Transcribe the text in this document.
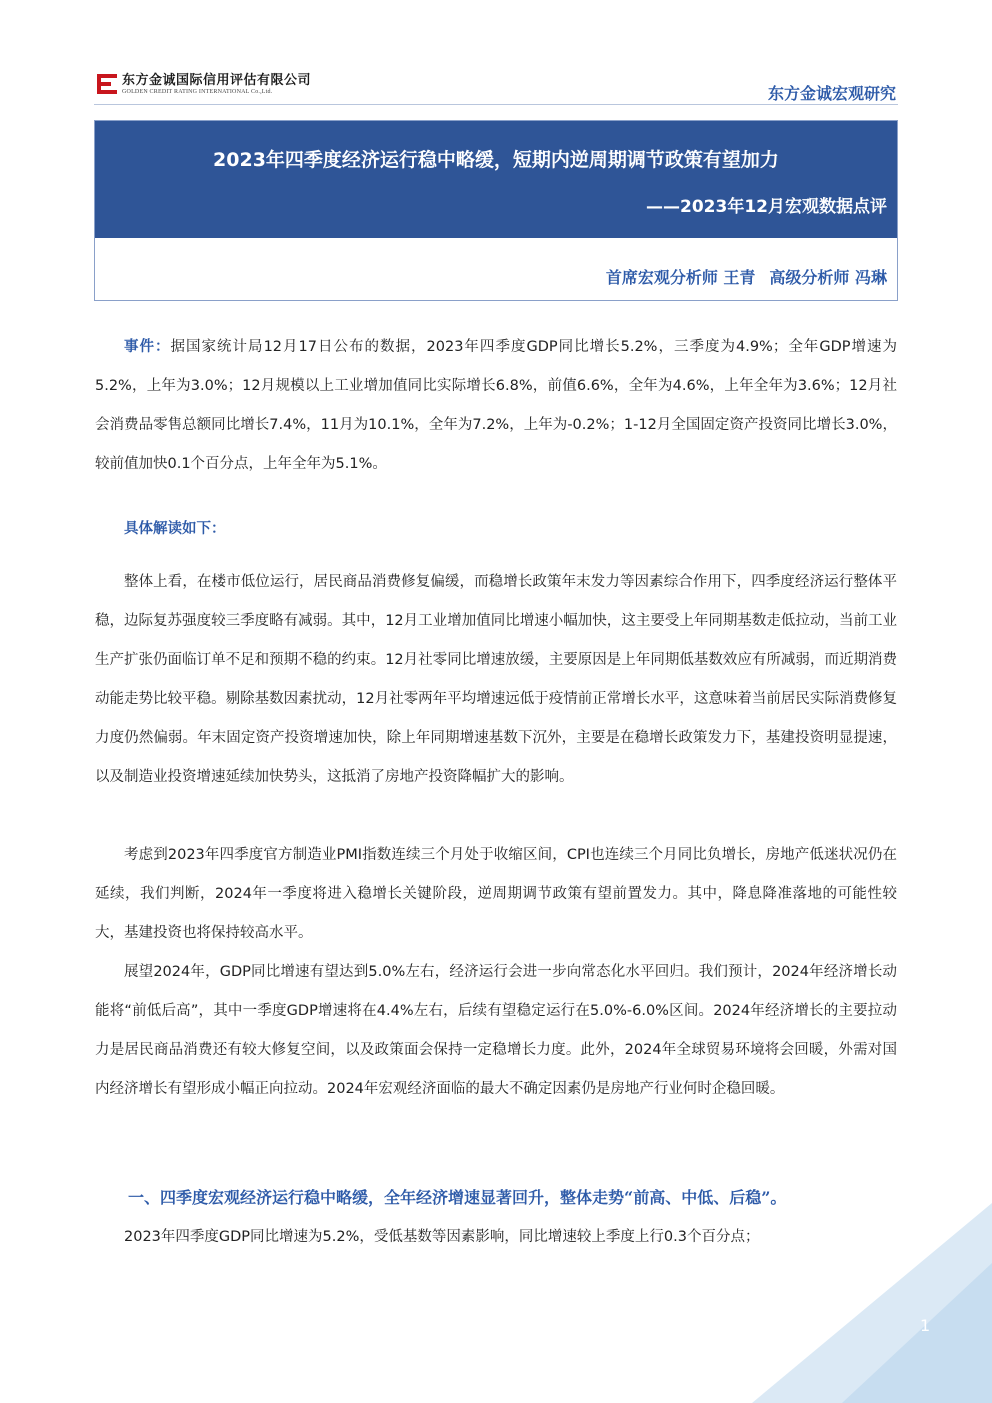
东方金诚国际信用评估有限公司
GOLDEN CREDIT RATING INTERNATIONAL Co.,Ltd.	东方金诚宏观研究
2023年四季度经济运行稳中略缓，短期内逆周期调节政策有望加力
——2023年12月宏观数据点评
首席宏观分析师 王青 高级分析师 冯琳
事件：据国家统计局12月17日公布的数据，2023年四季度GDP同比增长5.2%，三季度为4.9%；全年GDP增速为5.2%，上年为3.0%；12月规模以上工业增加值同比实际增长6.8%，前值6.6%，全年为4.6%，上年全年为3.6%；12月社会消费品零售总额同比增长7.4%，11月为10.1%，全年为7.2%，上年为-0.2%；1-12月全国固定资产投资同比增长3.0%，较前值加快0.1个百分点，上年全年为5.1%。
具体解读如下：
整体上看，在楼市低位运行，居民商品消费修复偏缓，而稳增长政策年末发力等因素综合作用下，四季度经济运行整体平稳，边际复苏强度较三季度略有减弱。其中，12月工业增加值同比增速小幅加快，这主要受上年同期基数走低拉动，当前工业生产扩张仍面临订单不足和预期不稳的约束。12月社零同比增速放缓，主要原因是上年同期低基数效应有所减弱，而近期消费动能走势比较平稳。剔除基数因素扰动，12月社零两年平均增速远低于疫情前正常增长水平，这意味着当前居民实际消费修复力度仍然偏弱。年末固定资产投资增速加快，除上年同期增速基数下沉外，主要是在稳增长政策发力下，基建投资明显提速，以及制造业投资增速延续加快势头，这抵消了房地产投资降幅扩大的影响。
考虑到2023年四季度官方制造业PMI指数连续三个月处于收缩区间，CPI也连续三个月同比负增长，房地产低迷状况仍在延续，我们判断，2024年一季度将进入稳增长关键阶段，逆周期调节政策有望前置发力。其中，降息降准落地的可能性较大，基建投资也将保持较高水平。
展望2024年，GDP同比增速有望达到5.0%左右，经济运行会进一步向常态化水平回归。我们预计，2024年经济增长动能将“前低后高”，其中一季度GDP增速将在4.4%左右，后续有望稳定运行在5.0%-6.0%区间。2024年经济增长的主要拉动力是居民商品消费还有较大修复空间，以及政策面会保持一定稳增长力度。此外，2024年全球贸易环境将会回暖，外需对国内经济增长有望形成小幅正向拉动。2024年宏观经济面临的最大不确定因素仍是房地产行业何时企稳回暖。
一、四季度宏观经济运行稳中略缓，全年经济增速显著回升，整体走势“前高、中低、后稳”。
2023年四季度GDP同比增速为5.2%，受低基数等因素影响，同比增速较上季度上行0.3个百分点；
1
